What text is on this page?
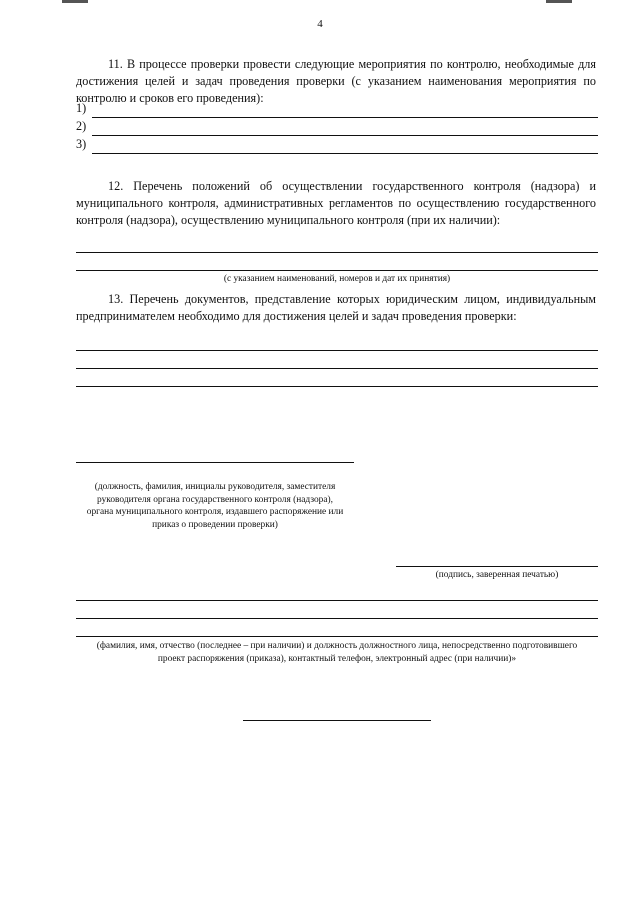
4
11. В процессе проверки провести следующие мероприятия по контролю, необходимые для достижения целей и задач проведения проверки (с указанием наименования мероприятия по контролю и сроков его проведения):
1)
2)
3)
12. Перечень положений об осуществлении государственного контроля (надзора) и муниципального контроля, административных регламентов по осуществлению государственного контроля (надзора), осуществлению муниципального контроля (при их наличии):
(с указанием наименований, номеров и дат их принятия)
13. Перечень документов, представление которых юридическим лицом, индивидуальным предпринимателем необходимо для достижения целей и задач проведения проверки:
(должность, фамилия, инициалы руководителя, заместителя руководителя органа государственного контроля (надзора), органа муниципального контроля, издавшего распоряжение или приказ о проведении проверки)
(подпись, заверенная печатью)
(фамилия, имя, отчество (последнее – при наличии) и должность должностного лица, непосредственно подготовившего проект распоряжения (приказа), контактный телефон, электронный адрес (при наличии)»
